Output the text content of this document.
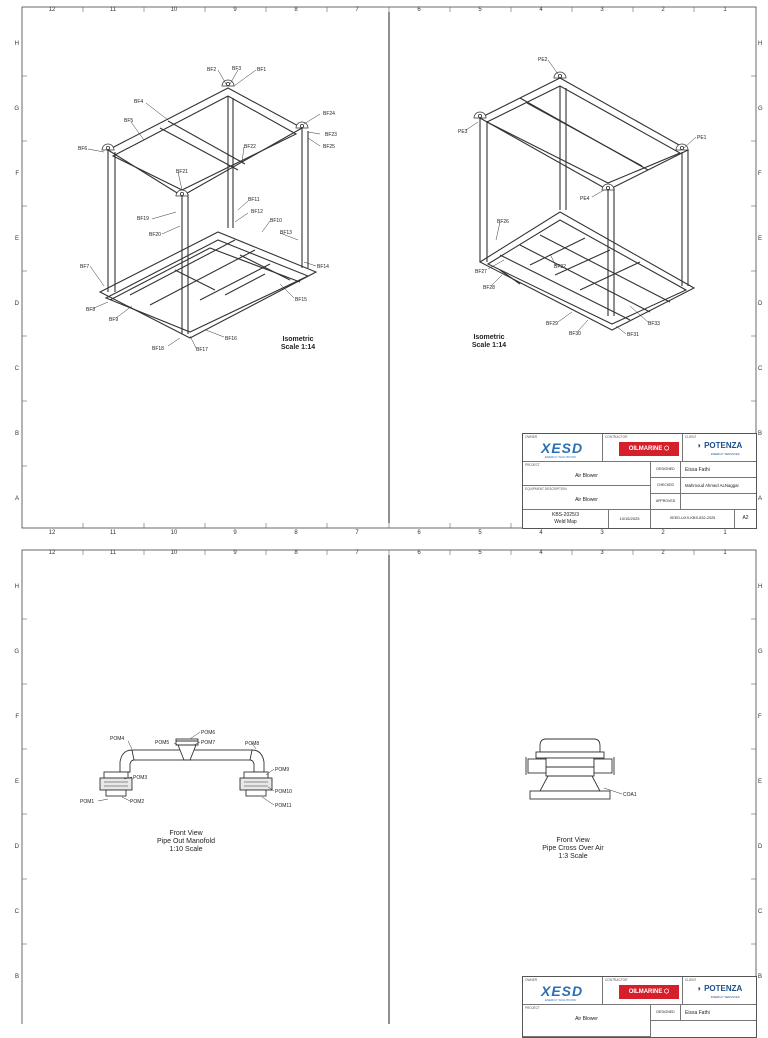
12	11	10	9	8	7	6	5	4	3	2	1
12	11	10	9	8	7	6	5	4	3	2	1
H
G
F
E
D
C
B
A
H
G
F
E
D
C
B
A
BF1
BF2	BF3
BF4
BF5
BF6
BF7
BF8
BF9
BF10
BF11
BF12
BF13
BF14
BF15
BF16
BF17
BF18
BF19
BF20
BF21
BF22
BF23
BF24
BF25
PE1
PE2
PE3
PE4
BF26
BF27
BF28
BF29
BF30	BF31
BF32
BF33
Isometric
Scale 1:14
Isometric
Scale 1:14
OWNER
XESD
ENERGY SOLUTIONS
CONTRACTOR
OILMARINE ⬡
CLIENT
◗ POTENZA
ENERGY SERVICES
PROJECT
Air Blower
EQUIPMENT DESCRIPTION
Air Blower
DESIGNED	Eissa Fathi
CHECKED	Mahmoud Ahmed ALNaggar
APPROVED
KBS-2025/3
Weld Map
10/15/2025	XEED-UXX-KBS-832-2025	A2
12	11	10	9	8	7	6	5	4	3	2	1
H
G
F
E
D
C
B
H
G
F
E
D
C
B
POM1	POM2
POM3
POM4
POM5
POM6
POM7	POM8
POM9
POM10
POM11
COA1
Front View
Pipe Out Manofold
1:10 Scale
Front View
Pipe Cross Over Air
1:3 Scale
OWNER
XESD
ENERGY SOLUTIONS
CONTRACTOR
OILMARINE ⬡
CLIENT
◗ POTENZA
ENERGY SERVICES
PROJECT
Air Blower
DESIGNED	Eissa Fathi
